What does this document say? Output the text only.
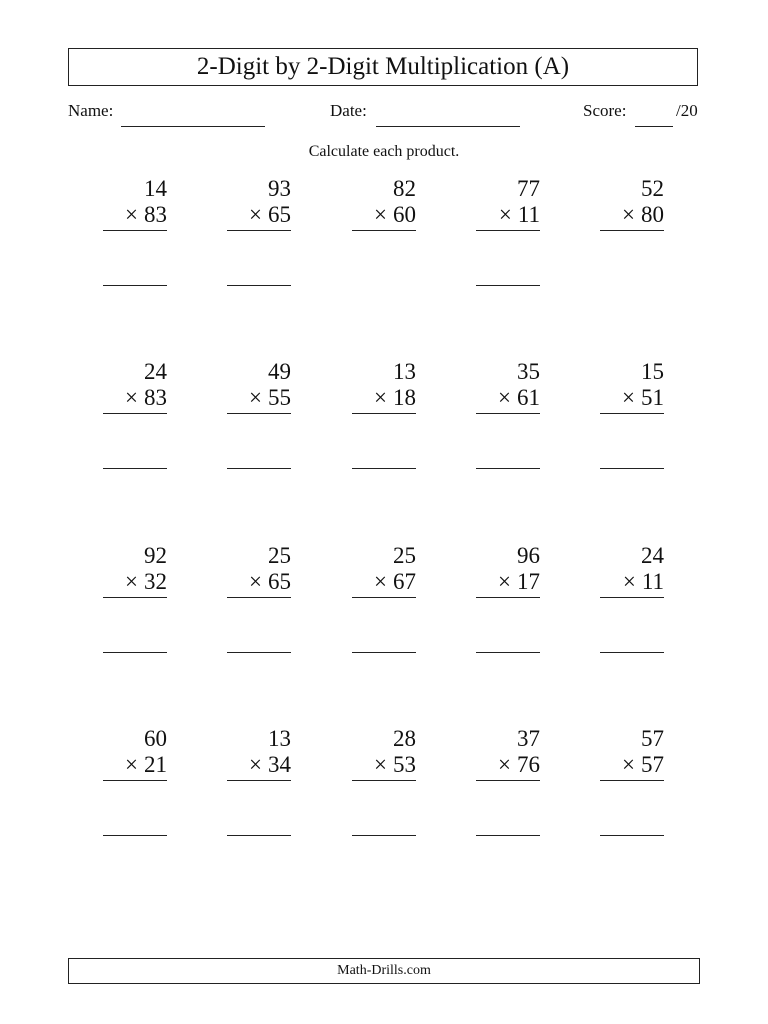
2-Digit by 2-Digit Multiplication (A)
Name:	Date:	Score:	/20
Calculate each product.
14
× 83
93
× 65
82
× 60
77
× 11
52
× 80
24
× 83
49
× 55
13
× 18
35
× 61
15
× 51
92
× 32
25
× 65
25
× 67
96
× 17
24
× 11
60
× 21
13
× 34
28
× 53
37
× 76
57
× 57
Math-Drills.com
